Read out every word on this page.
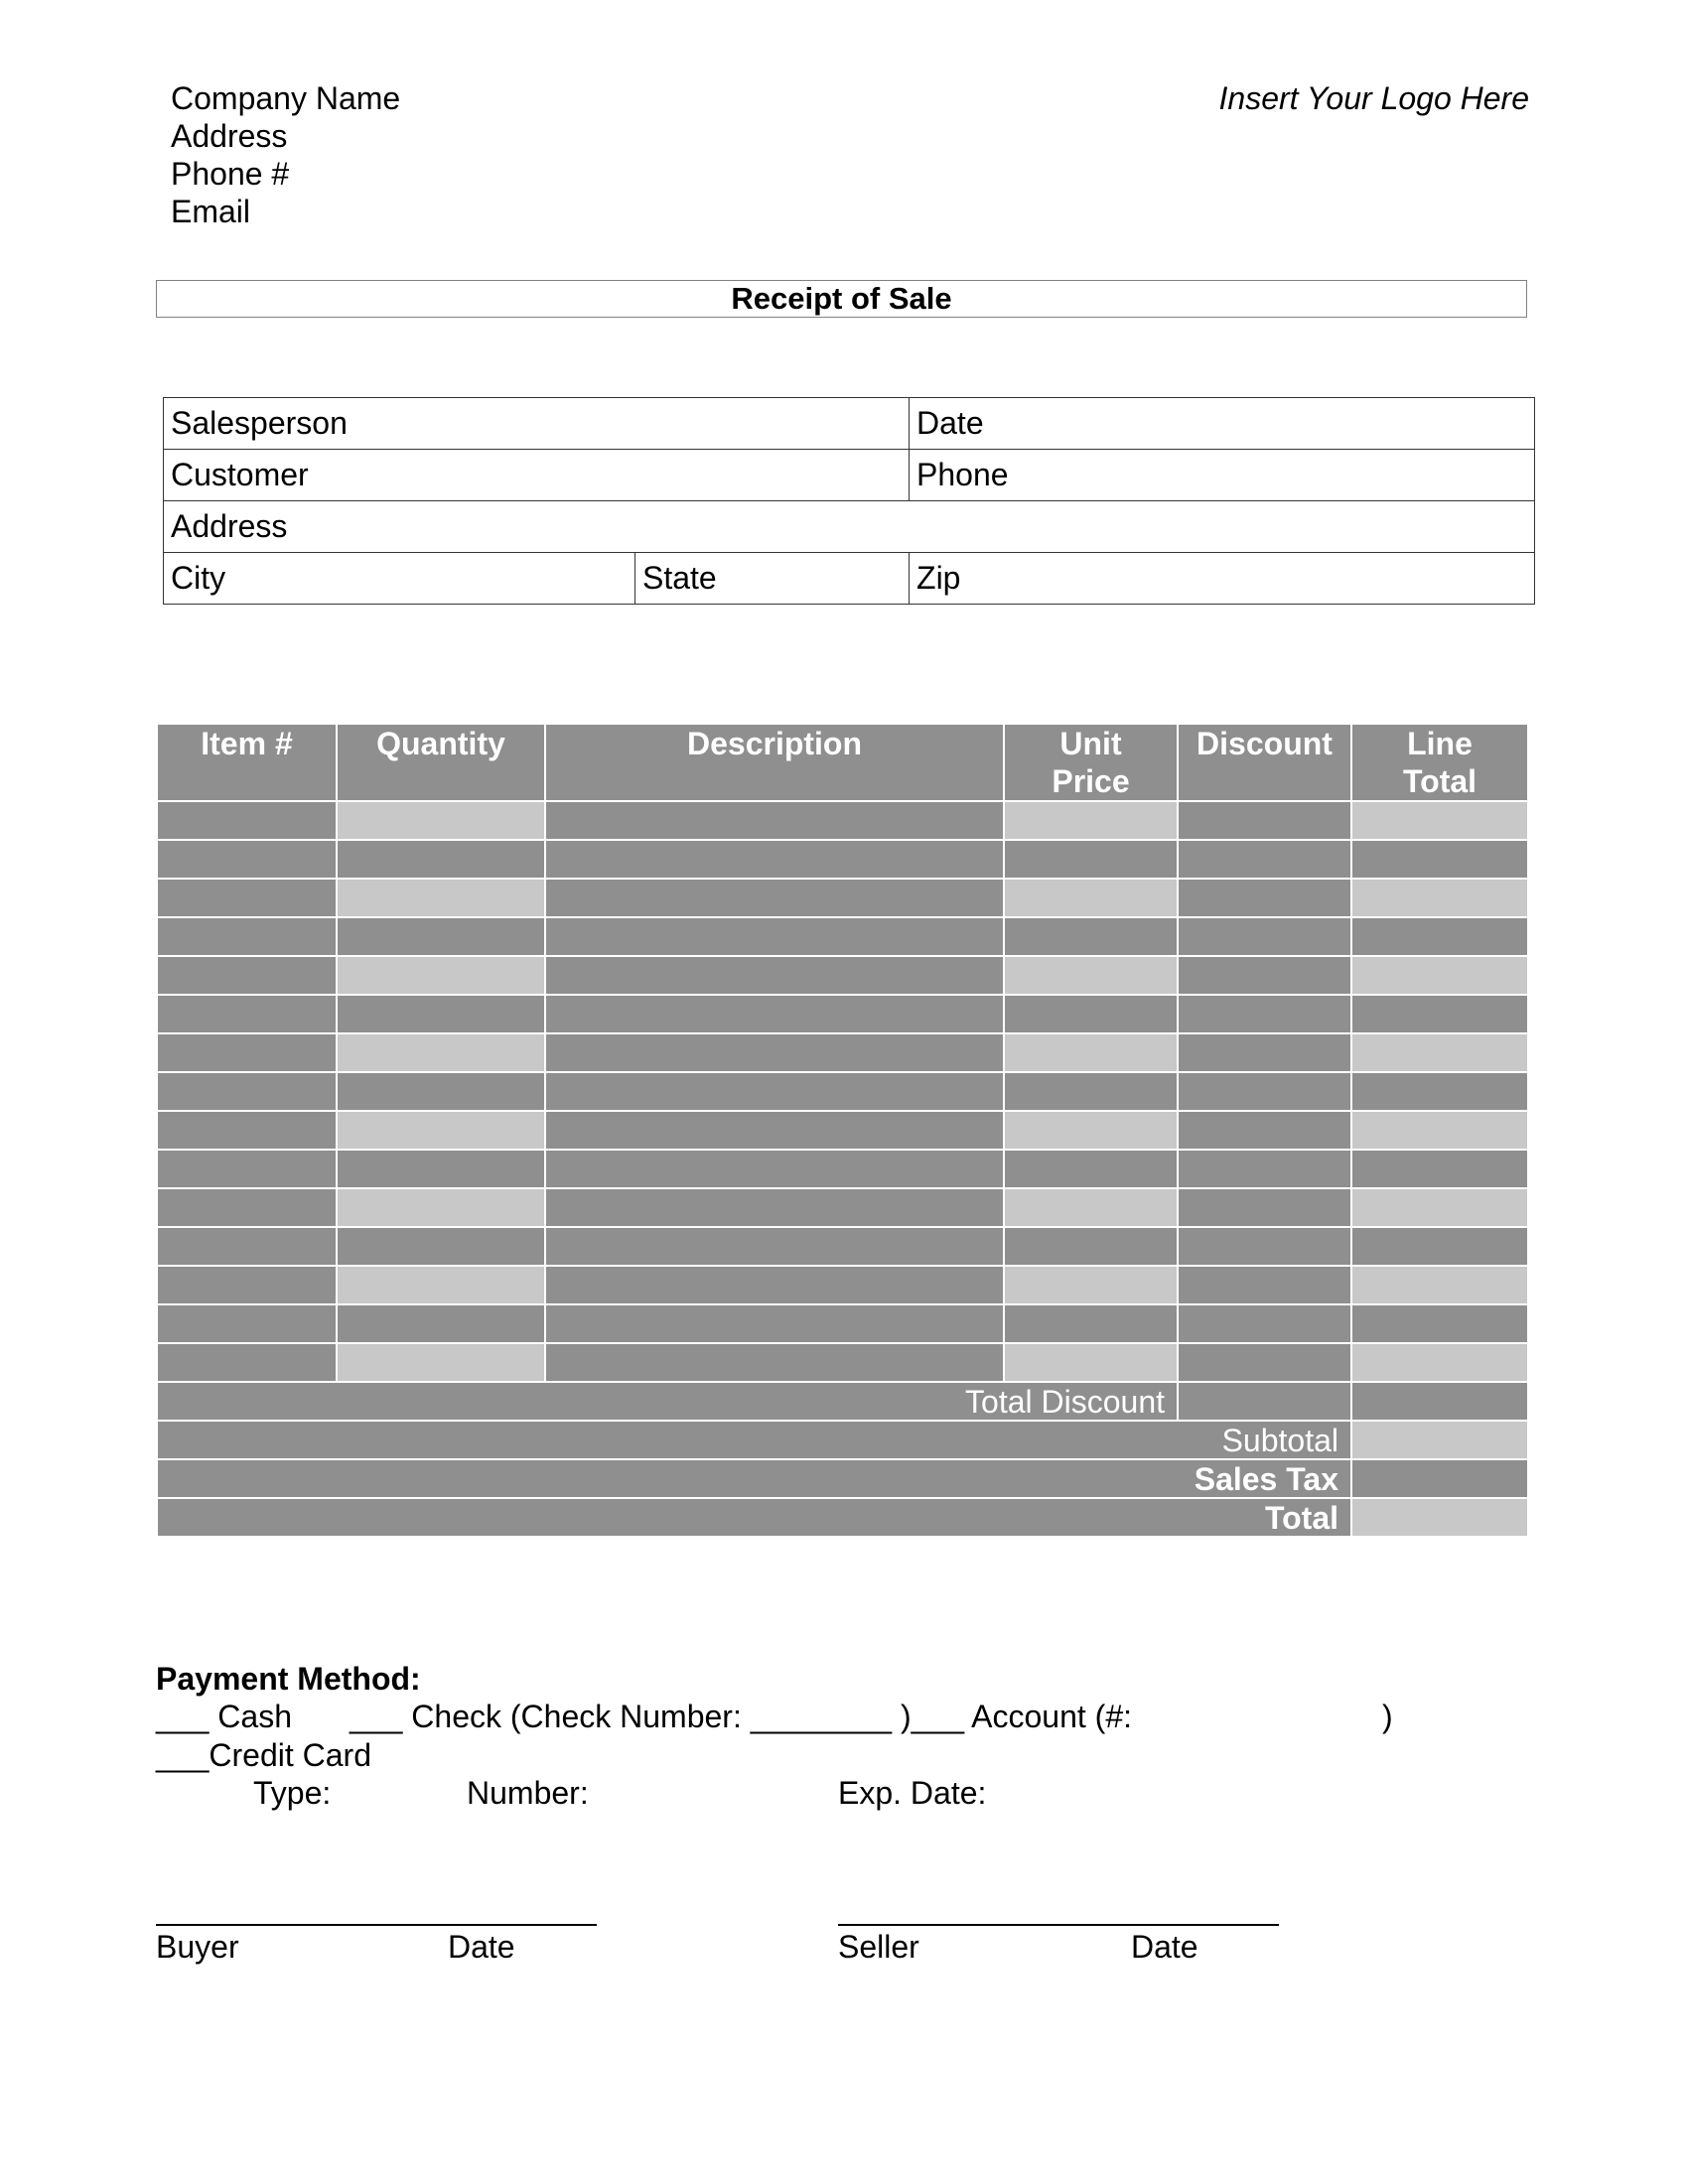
Company Name
Address
Phone #
Email
Insert Your Logo Here
Receipt of Sale
Salesperson		Date
Customer		Phone
Address		
City	State	Zip
Item #	Quantity	Description	Unit Price	Discount	Line Total

Total Discount					
Subtotal					
Sales Tax					
Total					
Payment Method:
___ Cash ___ Check (Check Number: ________ )___ Account (#:	)
___Credit Card
Type:	Number:	Exp. Date:
Buyer	Date	Seller	Date
